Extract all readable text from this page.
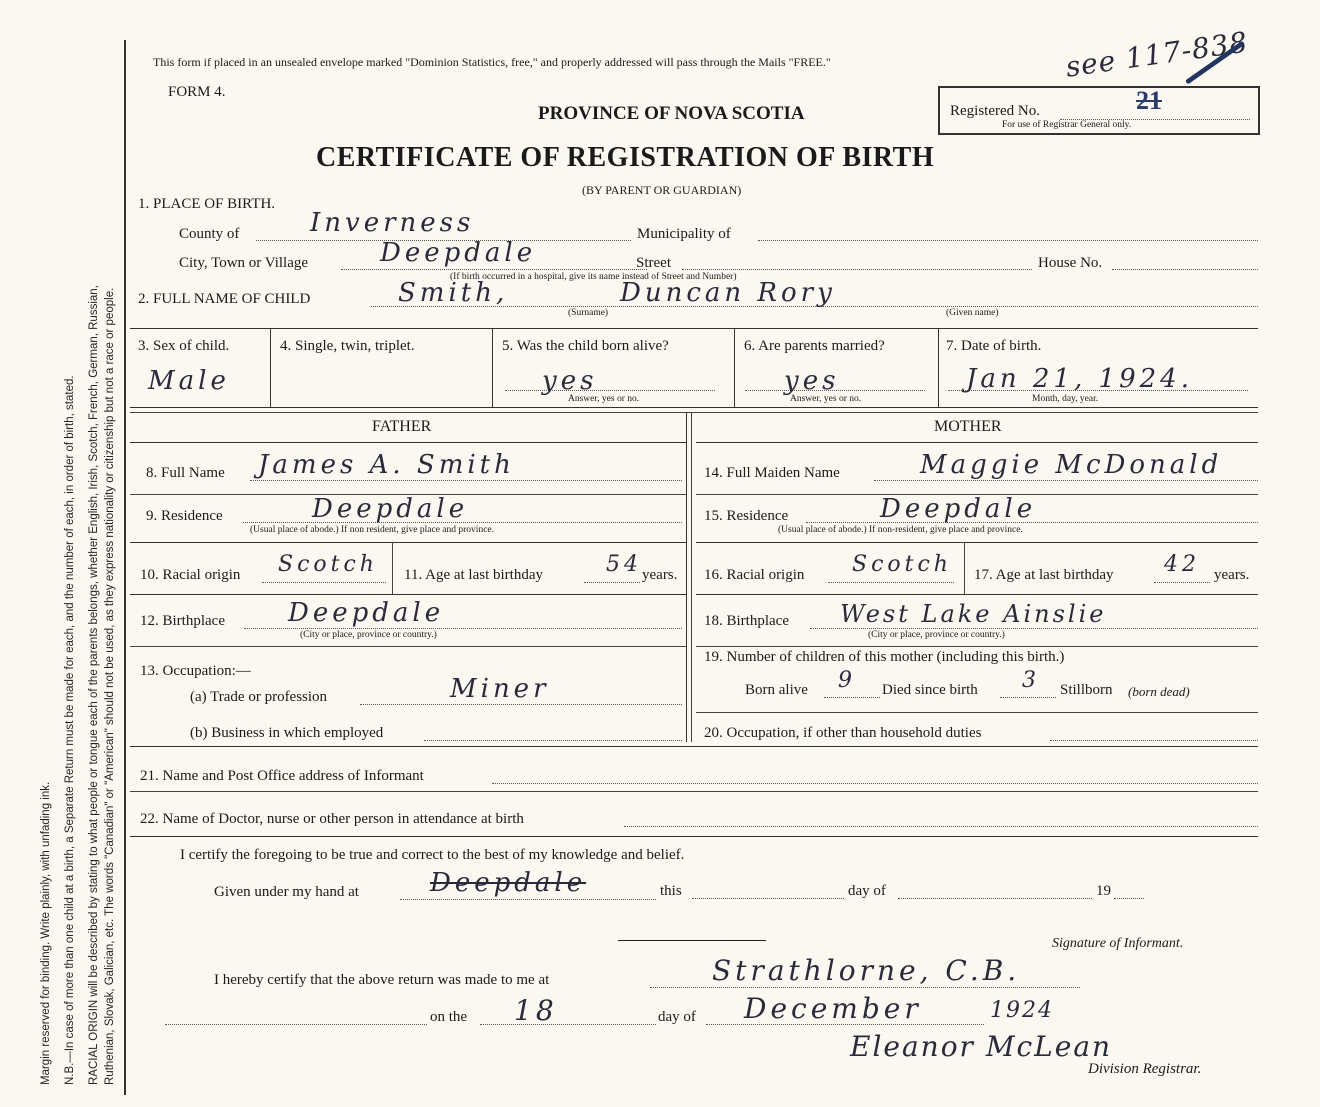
Margin reserved for binding. Write plainly, with unfading ink. N.B.—In case of more than one child at a birth, a Separate Return must be made for each, and the number of each, in order of birth, stated. RACIAL ORIGIN will be described by stating to what people or tongue each of the parents belongs, whether English, Irish, Scotch, French, German, Russian, Ruthenian, Slovak, Galician, etc. The words "Canadian" or "American" should not be used, as they express nationality or citizenship but not a race or people.
This form if placed in an unsealed envelope marked "Dominion Statistics, free," and properly addressed will pass through the Mails "FREE."	see 117-838
FORM 4.
PROVINCE OF NOVA SCOTIA
CERTIFICATE OF REGISTRATION OF BIRTH
(BY PARENT OR GUARDIAN)
Registered No.	21
For use of Registrar General only.
1. PLACE OF BIRTH.
County of	Inverness	Municipality of
City, Town or Village	Deepdale
(If birth occurred in a hospital, give its name instead of Street and Number)
Street	House No.
2. FULL NAME OF CHILD	Smith,	Duncan Rory
(Surname)	(Given name)
3. Sex of child.
Male
4. Single, twin, triplet.	5. Was the child born alive?
yes
Answer, yes or no.
6. Are parents married?
yes
Answer, yes or no.
7. Date of birth.
Jan 21, 1924.
Month, day, year.
FATHER	MOTHER
8. Full Name James A. Smith
9. Residence	Deepdale
(Usual place of abode.) If non resident, give place and province.
10. Racial origin Scotch 11. Age at last birthday	54 years.
12. Birthplace Deepdale
(City or place, province or country.)
13. Occupation:—
(a) Trade or profession	Miner
(b) Business in which employed
14. Full Maiden Name	Maggie McDonald
15. Residence	Deepdale
(Usual place of abode.) If non-resident, give place and province.
16. Racial origin Scotch 17. Age at last birthday 42 years.
18. Birthplace West Lake Ainslie
(City or place, province or country.)
19. Number of children of this mother (including this birth.)
Born alive 9 Died since birth 3 Stillborn (born dead)
20. Occupation, if other than household duties
21. Name and Post Office address of Informant
22. Name of Doctor, nurse or other person in attendance at birth
I certify the foregoing to be true and correct to the best of my knowledge and belief.
Given under my hand at	Deepdale	this	day of	19
Signature of Informant.
I hereby certify that the above return was made to me at	Strathlorne, C.B.
on the 18	day of December	1924
Eleanor McLean
Division Registrar.
